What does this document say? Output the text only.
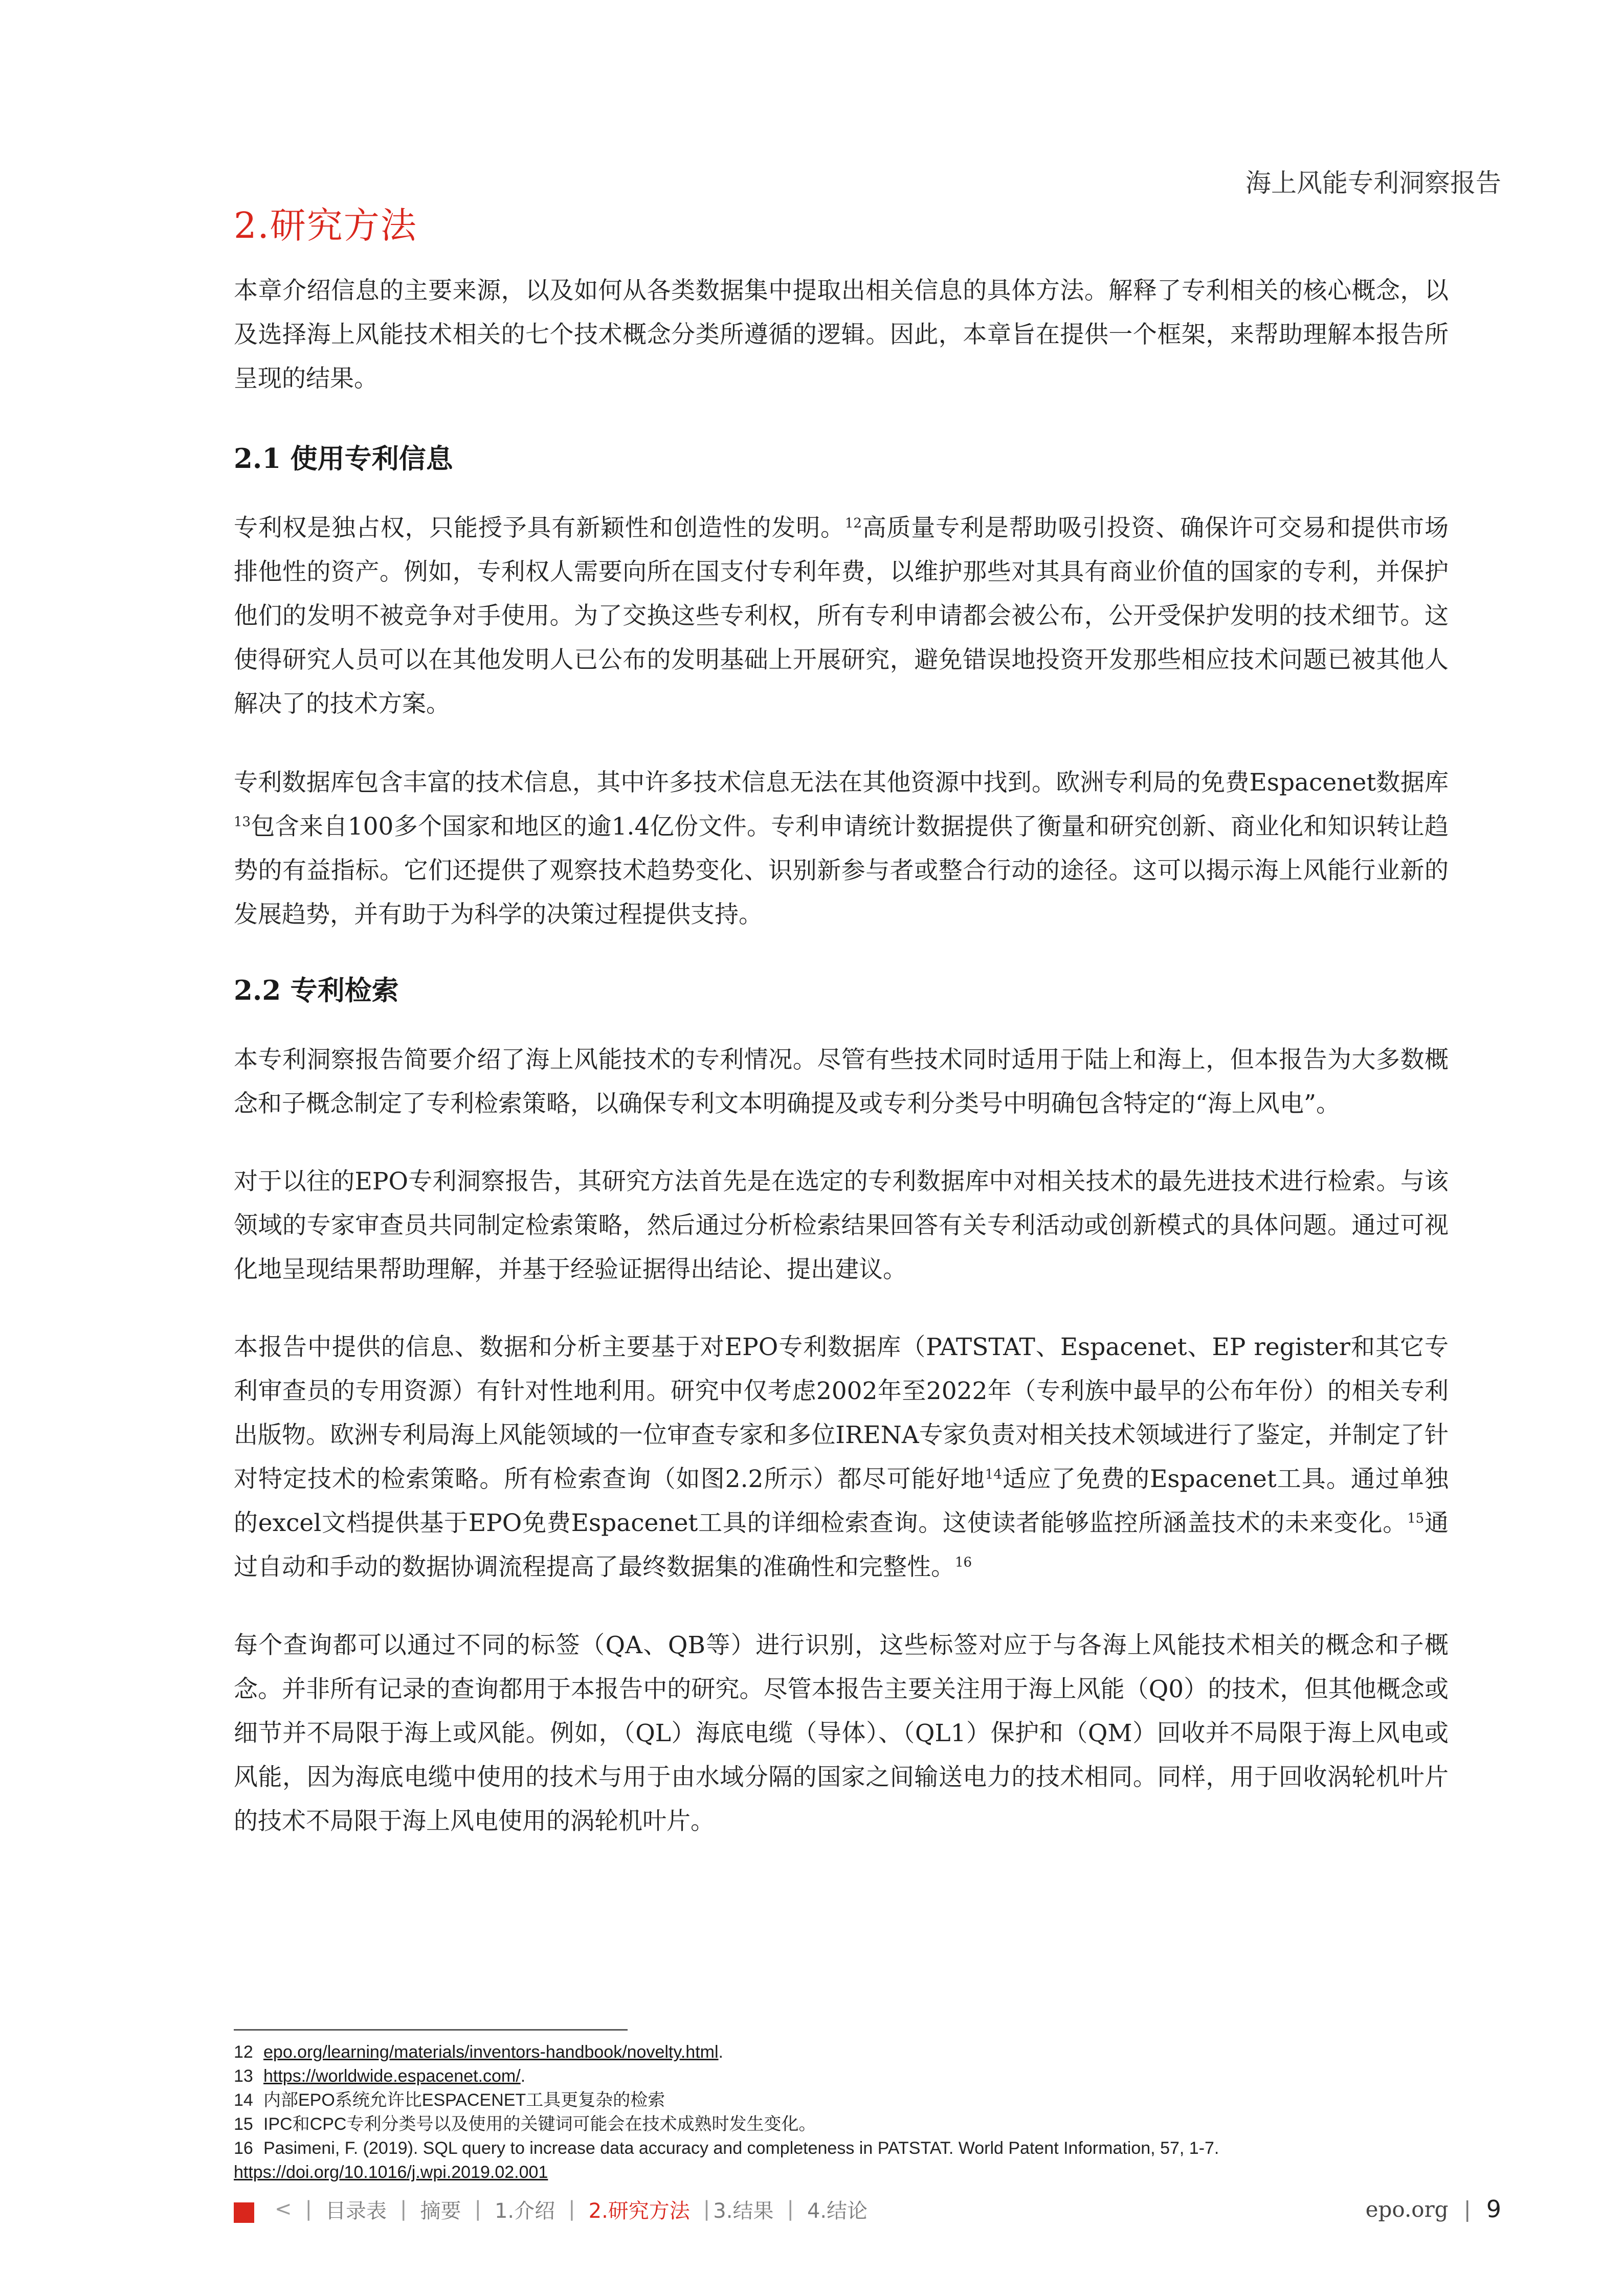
海上风能专利洞察报告
2.研究方法
本章介绍信息的主要来源，以及如何从各类数据集中提取出相关信息的具体方法。解释了专利相关的核心概念，以及选择海上风能技术相关的七个技术概念分类所遵循的逻辑。因此，本章旨在提供一个框架，来帮助理解本报告所呈现的结果。
2.1 使用专利信息
专利权是独占权，只能授予具有新颖性和创造性的发明。$^{12}$高质量专利是帮助吸引投资、确保许可交易和提供市场排他性的资产。例如，专利权人需要向所在国支付专利年费，以维护那些对其具有商业价值的国家的专利，并保护他们的发明不被竞争对手使用。为了交换这些专利权，所有专利申请都会被公布，公开受保护发明的技术细节。这使得研究人员可以在其他发明人已公布的发明基础上开展研究，避免错误地投资开发那些相应技术问题已被其他人解决了的技术方案。
专利数据库包含丰富的技术信息，其中许多技术信息无法在其他资源中找到。欧洲专利局的免费Espacenet数据库$^{13}$包含来自100多个国家和地区的逾1.4亿份文件。专利申请统计数据提供了衡量和研究创新、商业化和知识转让趋势的有益指标。它们还提供了观察技术趋势变化、识别新参与者或整合行动的途径。这可以揭示海上风能行业新的发展趋势，并有助于为科学的决策过程提供支持。
2.2 专利检索
本专利洞察报告简要介绍了海上风能技术的专利情况。尽管有些技术同时适用于陆上和海上，但本报告为大多数概念和子概念制定了专利检索策略，以确保专利文本明确提及或专利分类号中明确包含特定的“海上风电”。
对于以往的EPO专利洞察报告，其研究方法首先是在选定的专利数据库中对相关技术的最先进技术进行检索。与该领域的专家审查员共同制定检索策略，然后通过分析检索结果回答有关专利活动或创新模式的具体问题。通过可视化地呈现结果帮助理解，并基于经验证据得出结论、提出建议。
本报告中提供的信息、数据和分析主要基于对EPO专利数据库（PATSTAT、Espacenet、EP register和其它专利审查员的专用资源）有针对性地利用。研究中仅考虑2002年至2022年（专利族中最早的公布年份）的相关专利出版物。欧洲专利局海上风能领域的一位审查专家和多位IRENA专家负责对相关技术领域进行了鉴定，并制定了针对特定技术的检索策略。所有检索查询（如图2.2所示）都尽可能好地$^{14}$适应了免费的Espacenet工具。通过单独的excel文档提供基于EPO免费Espacenet工具的详细检索查询。这使读者能够监控所涵盖技术的未来变化。$^{15}$通过自动和手动的数据协调流程提高了最终数据集的准确性和完整性。$^{16}$
每个查询都可以通过不同的标签（QA、QB等）进行识别，这些标签对应于与各海上风能技术相关的概念和子概念。并非所有记录的查询都用于本报告中的研究。尽管本报告主要关注用于海上风能（Q0）的技术，但其他概念或细节并不局限于海上或风能。例如，（QL）海底电缆（导体）、（QL1）保护和（QM）回收并不局限于海上风电或风能，因为海底电缆中使用的技术与用于由水域分隔的国家之间输送电力的技术相同。同样，用于回收涡轮机叶片的技术不局限于海上风电使用的涡轮机叶片。
12 epo.org/learning/materials/inventors-handbook/novelty.html.
13 https://worldwide.espacenet.com/.
14 内部EPO系统允许比ESPACENET工具更复杂的检索
15 IPC和CPC专利分类号以及使用的关键词可能会在技术成熟时发生变化。
16 Pasimeni, F. (2019). SQL query to increase data accuracy and completeness in PATSTAT. World Patent Information, 57, 1-7.
https://doi.org/10.1016/j.wpi.2019.02.001
< | 目录表 | 摘要 | 1.介绍 | 2.研究方法 | 3.结果 | 4.结论	epo.org | 9
